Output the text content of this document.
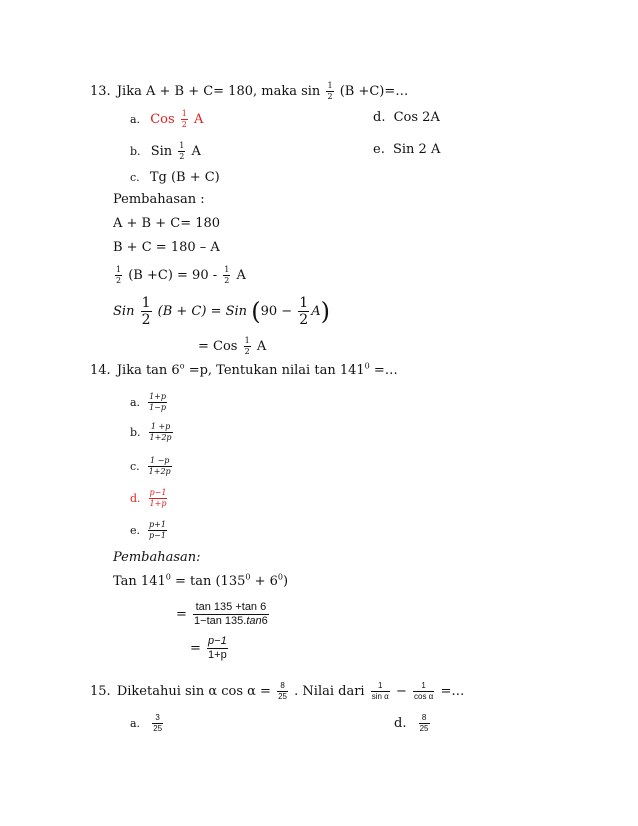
13. Jika A + B + C= 180, maka $\sin \frac{1}{2} (B$ +C)=…
a. Cos $\frac{1}{2}$ A	d. Cos 2A
b. Sin $\frac{1}{2}$ A	e. Sin 2 A
c. Tg (B + C)
Pembahasan :
A + B + C= 180
B + C = 180 – A
$\frac{1}{2} (B +C) = 90 - \frac{1}{2}$ A
Sin $\frac{1}{2} (B + C)$ = Sin $(90 - \frac{1}{2} A)$
= Cos $\frac{1}{2}$ A
14. Jika $\tan 6^o =p$, Tentukan nilai $\tan 141^0$ =…
a. $\frac{1+p}{1-p}$
b. $\frac{1 +p}{1+2p}$
c. $\frac{1 -p}{1+2p}$
d. $\frac{p-1}{1+p}$
e. $\frac{p+1}{p-1}$
Pembahasan:
Tan $141^0 = \tan (135^0 + 6^0)$
= $\frac{\tan 135 +\tan 6}{1-\tan 135.\tan 6}$
= $\frac{p-1}{1+p}$
15. Diketahui sin α $\cos \alpha = \frac{8}{25}$ . Nilai dari $\frac{1}{\text{sin α}} - \frac{1}{\text{cos α}}$ =…
a. $\frac{3}{25}$	d. $\frac{8}{25}$
